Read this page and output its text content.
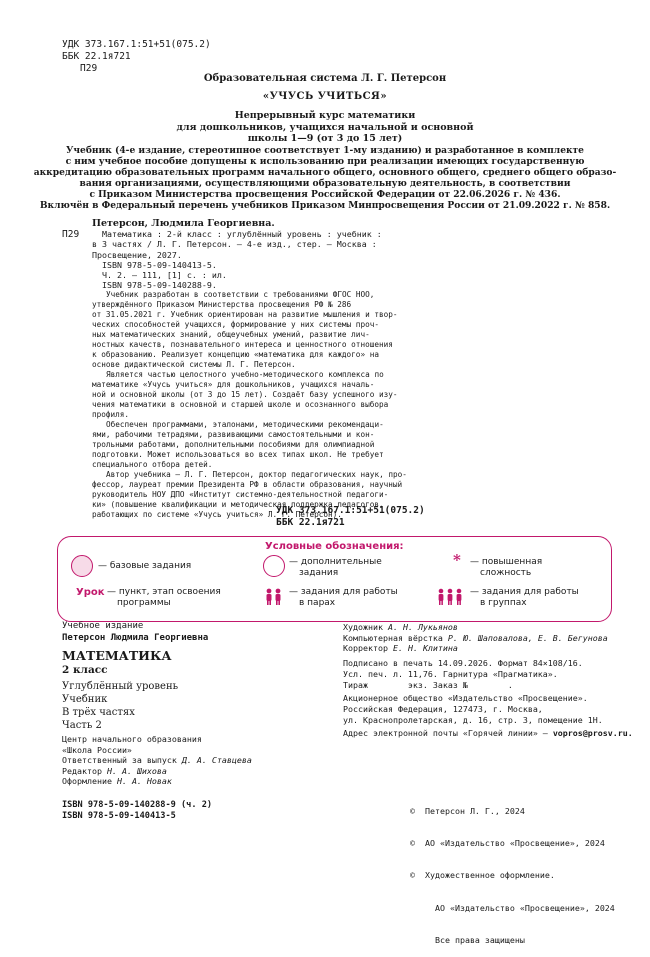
УДК 373.167.1:51+51(075.2)
ББК 22.1я721
П29
Образовательная система Л. Г. Петерсон
«УЧУСЬ УЧИТЬСЯ»
Непрерывный курс математики
для дошкольников, учащихся начальной и основной
школы 1—9 (от 3 до 15 лет)
Учебник (4-е издание, стереотипное соответствует 1-му изданию) и разработанное в комплекте
с ним учебное пособие допущены к использованию при реализации имеющих государственную
аккредитацию образовательных программ начального общего, основного общего, среднего общего образо-
вания организациями, осуществляющими образовательную деятельность, в соответствии
с Приказом Министерства просвещения Российской Федерации от 22.06.2026 г. № 436.
Включён в Федеральный перечень учебников Приказом Минпросвещения России от 21.09.2022 г. № 858.
Петерсон, Людмила Георгиевна.
П29	Математика : 2-й класс : углублённый уровень : учебник :
в 3 частях / Л. Г. Петерсон. — 4-е изд., стер. — Москва :
Просвещение, 2027.
ISBN 978-5-09-140413-5.
Ч. 2. — 111, [1] с. : ил.
ISBN 978-5-09-140288-9.
Учебник разработан в соответствии с требованиями ФГОС НОО,
утверждённого Приказом Министерства просвещения РФ № 286
от 31.05.2021 г. Учебник ориентирован на развитие мышления и твор-
ческих способностей учащихся, формирование у них системы проч-
ных математических знаний, общеучебных умений, развитие лич-
ностных качеств, познавательного интереса и ценностного отношения
к образованию. Реализует концепцию «математика для каждого» на
основе дидактической системы Л. Г. Петерсон.
Является частью целостного учебно-методического комплекса по
математике «Учусь учиться» для дошкольников, учащихся началь-
ной и основной школы (от 3 до 15 лет). Создаёт базу успешного изу-
чения математики в основной и старшей школе и осознанного выбора
профиля.
Обеспечен программами, эталонами, методическими рекомендаци-
ями, рабочими тетрадями, развивающими самостоятельными и кон-
трольными работами, дополнительными пособиями для олимпиадной
подготовки. Может использоваться во всех типах школ. Не требует
специального отбора детей.
Автор учебника — Л. Г. Петерсон, доктор педагогических наук, про-
фессор, лауреат премии Президента РФ в области образования, научный
руководитель НОУ ДПО «Институт системно-деятельностной педагоги-
ки» (повышение квалификации и методическая поддержка педагогов,
работающих по системе «Учусь учиться» Л. Г. Петерсон).
УДК 373.167.1:51+51(075.2)
ББК 22.1я721
Условные обозначения:
— базовые задания	— дополнительные
задания
* — повышенная
сложность
Урок — пункт, этап освоения
программы
— задания для работы
в парах
— задания для работы
в группах
Учебное издание
Петерсон Людмила Георгиевна
МАТЕМАТИКА
2 класс
Углублённый уровень
Учебник
В трёх частях
Часть 2
Центр начального образования
«Школа России»
Ответственный за выпуск Д. А. Ставцева
Редактор Н. А. Шихова
Оформление Н. А. Новак
ISBN 978-5-09-140288-9 (ч. 2)
ISBN 978-5-09-140413-5
Художник А. Н. Лукьянов
Компьютерная вёрстка Р. Ю. Шаповалова, Е. В. Бегунова
Корректор Е. Н. Клитина
Подписано в печать 14.09.2026. Формат 84×108/16.
Усл. печ. л. 11,76. Гарнитура «Прагматика».
Тираж        экз. Заказ №        .
Акционерное общество «Издательство «Просвещение».
Российская Федерация, 127473, г. Москва,
ул. Краснопролетарская, д. 16, стр. 3, помещение 1Н.
Адрес электронной почты «Горячей линии» — vopros@prosv.ru.

©  Петерсон Л. Г., 2024

©  АО «Издательство «Просвещение», 2024

©  Художественное оформление.

АО «Издательство «Просвещение», 2024

Все права защищены
